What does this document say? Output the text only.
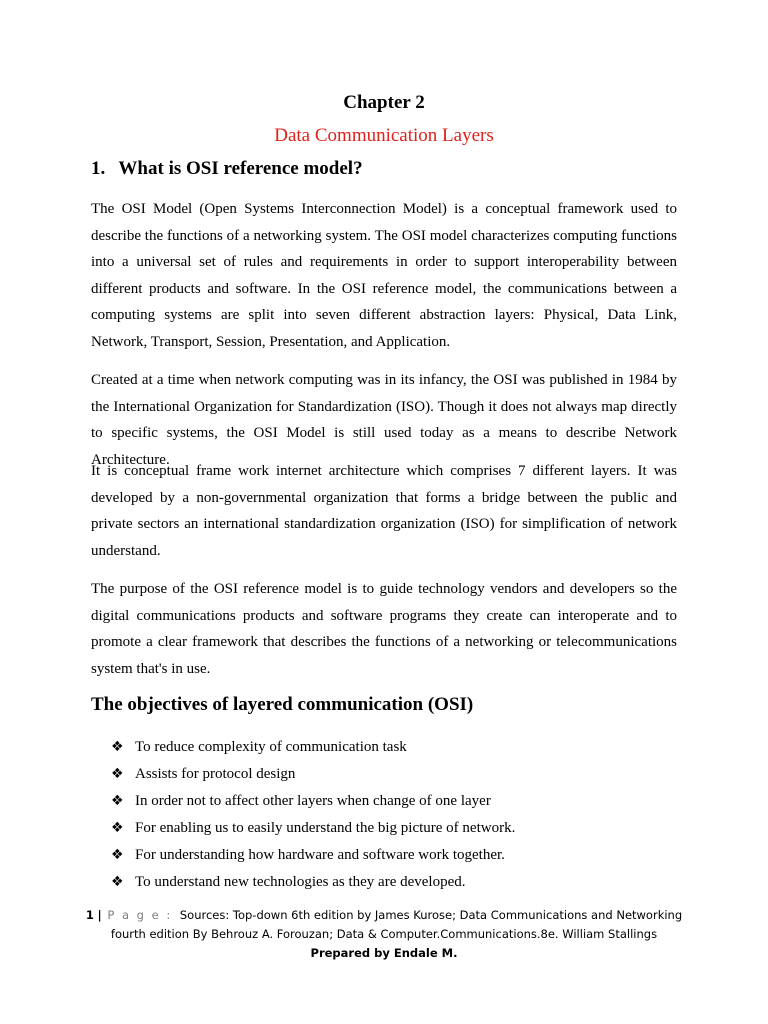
Chapter 2
Data Communication Layers
1. What is OSI reference model?

The OSI Model (Open Systems Interconnection Model) is a conceptual framework used to describe the functions of a networking system. The OSI model characterizes computing functions into a universal set of rules and requirements in order to support interoperability between different products and software. In the OSI reference model, the communications between a computing systems are split into seven different abstraction layers: Physical, Data Link, Network, Transport, Session, Presentation, and Application.

Created at a time when network computing was in its infancy, the OSI was published in 1984 by the International Organization for Standardization (ISO). Though it does not always map directly to specific systems, the OSI Model is still used today as a means to describe Network Architecture.

It is conceptual frame work internet architecture which comprises 7 different layers. It was developed by a non-governmental organization that forms a bridge between the public and private sectors an international standardization organization (ISO) for simplification of network understand.

The purpose of the OSI reference model is to guide technology vendors and developers so the digital communications products and software programs they create can interoperate and to promote a clear framework that describes the functions of a networking or telecommunications system that's in use.

The objectives of layered communication (OSI)
❖ To reduce complexity of communication task
❖ Assists for protocol design
❖ In order not to affect other layers when change of one layer
❖ For enabling us to easily understand the big picture of network.
❖ For understanding how hardware and software work together.
❖ To understand new technologies as they are developed.
1 | P a g e : Sources: Top-down 6th edition by James Kurose; Data Communications and Networking
fourth edition By Behrouz A. Forouzan; Data & Computer.Communications.8e. William Stallings
Prepared by Endale M.
